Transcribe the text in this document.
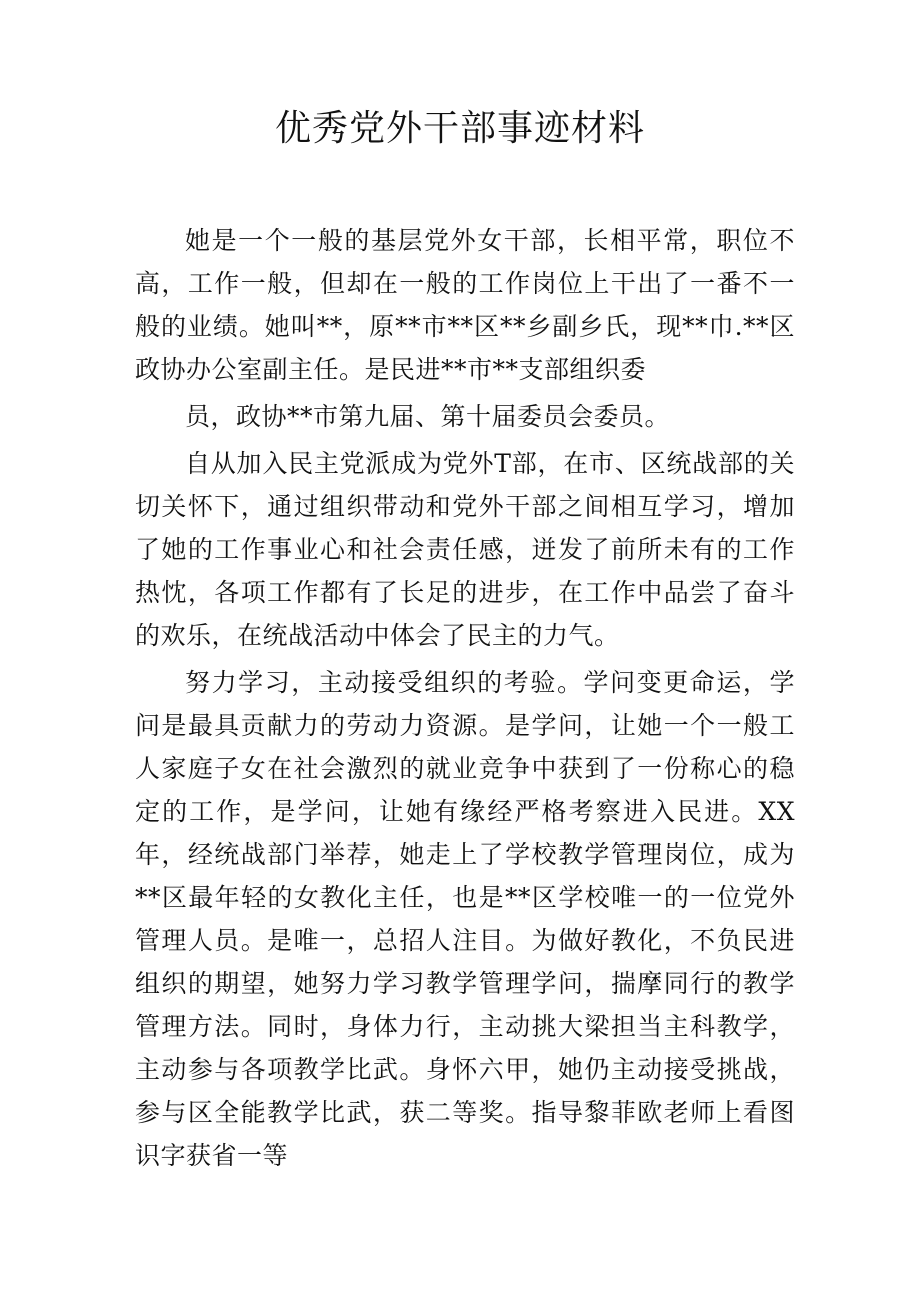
优秀党外干部事迹材料

她是一个一般的基层党外女干部，长相平常，职位不高，工作一般，但却在一般的工作岗位上干出了一番不一般的业绩。她叫**，原**市**区**乡副乡氏，现**巾.**区政协办公室副主任。是民进**市**支部组织委

员，政协**市第九届、第十届委员会委员。

自从加入民主党派成为党外T部，在市、区统战部的关切关怀下，通过组织带动和党外干部之间相互学习，增加了她的工作事业心和社会责任感，迸发了前所未有的工作热忱，各项工作都有了长足的进步，在工作中品尝了奋斗的欢乐，在统战活动中体会了民主的力气。

努力学习，主动接受组织的考验。学问变更命运，学问是最具贡献力的劳动力资源。是学问，让她一个一般工人家庭子女在社会激烈的就业竞争中获到了一份称心的稳定的工作，是学问，让她有缘经严格考察进入民进。XX年，经统战部门举荐，她走上了学校教学管理岗位，成为**区最年轻的女教化主任，也是**区学校唯一的一位党外管理人员。是唯一，总招人注目。为做好教化，不负民进组织的期望，她努力学习教学管理学问，揣摩同行的教学管理方法。同时，身体力行，主动挑大梁担当主科教学，主动参与各项教学比武。身怀六甲，她仍主动接受挑战，参与区全能教学比武，获二等奖。指导黎菲欧老师上看图识字获省一等
